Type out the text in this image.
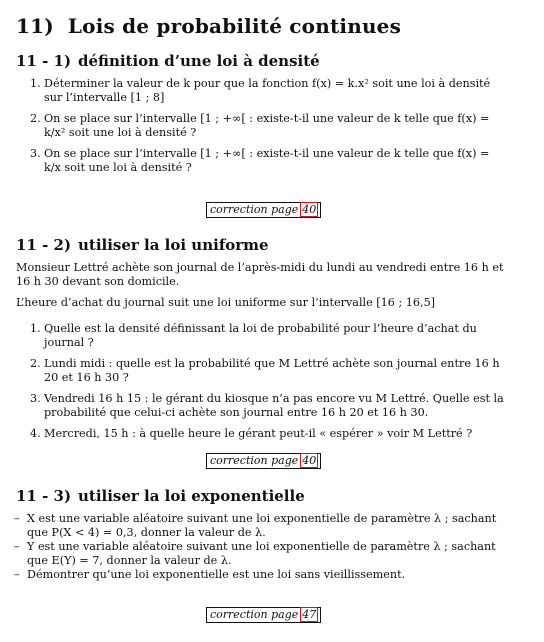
11) Lois de probabilité continues
11 - 1) définition d’une loi à densité
1. Déterminer la valeur de k pour que la fonction f(x) = k.x² soit une loi à densité sur l’intervalle [1 ; 8]
2. On se place sur l’intervalle [1 ; +∞[ : existe-t-il une valeur de k telle que f(x) = k/x² soit une loi à densité ?
3. On se place sur l’intervalle [1 ; +∞[ : existe-t-il une valeur de k telle que f(x) = k/x soit une loi à densité ?
correction page 40
11 - 2) utiliser la loi uniforme
Monsieur Lettré achète son journal de l’après-midi du lundi au vendredi entre 16 h et 16 h 30 devant son domicile.
L’heure d’achat du journal suit une loi uniforme sur l’intervalle [16 ; 16,5]
1. Quelle est la densité définissant la loi de probabilité pour l’heure d’achat du journal ?
2. Lundi midi : quelle est la probabilité que M Lettré achète son journal entre 16 h 20 et 16 h 30 ?
3. Vendredi 16 h 15 : le gérant du kiosque n’a pas encore vu M Lettré. Quelle est la probabilité que celui-ci achète son journal entre 16 h 20 et 16 h 30.
4. Mercredi, 15 h : à quelle heure le gérant peut-il « espérer » voir M Lettré ?
correction page 40
11 - 3) utiliser la loi exponentielle
– X est une variable aléatoire suivant une loi exponentielle de paramètre λ ; sachant que P(X < 4) = 0,3, donner la valeur de λ.
– Y est une variable aléatoire suivant une loi exponentielle de paramètre λ ; sachant que E(Y) = 7, donner la valeur de λ.
– Démontrer qu’une loi exponentielle est une loi sans vieillissement.
correction page 47
